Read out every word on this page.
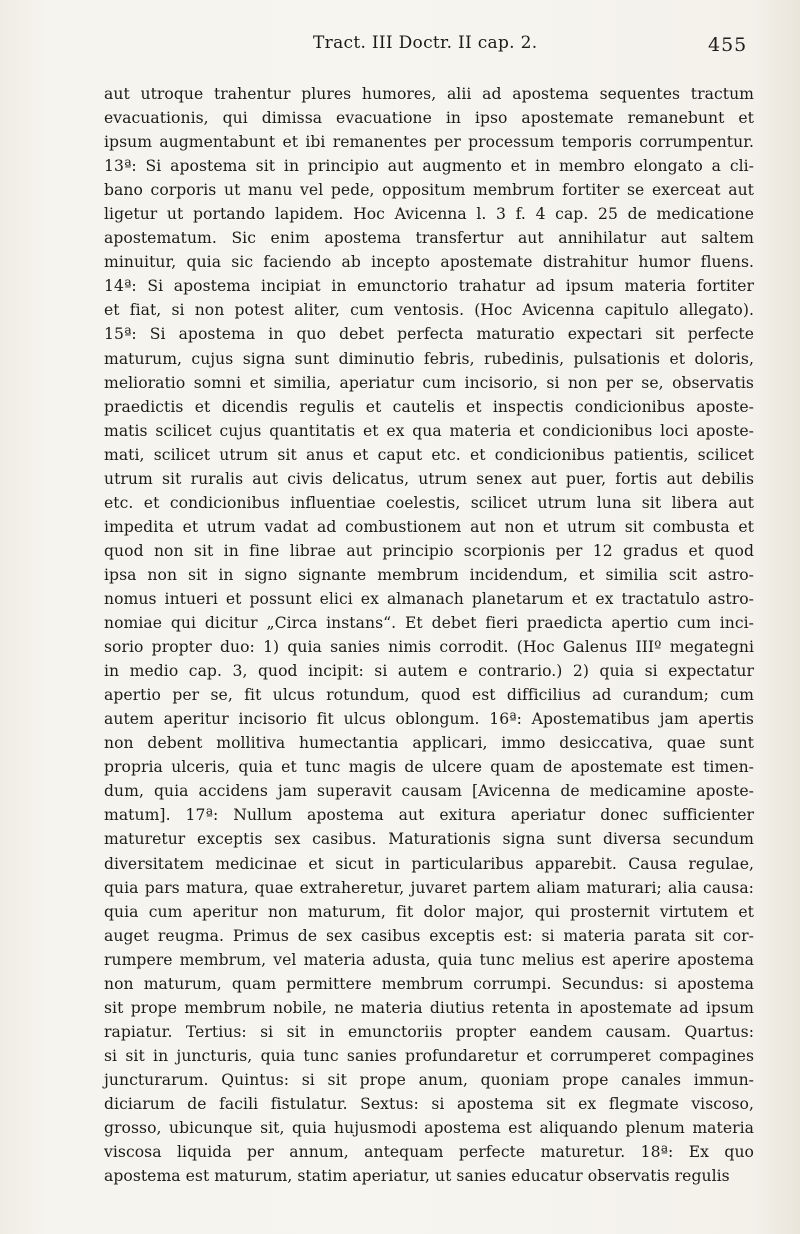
Tract. III Doctr. II cap. 2.	455
aut utroque trahentur plures humores, alii ad apostema sequentes tractum
evacuationis, qui dimissa evacuatione in ipso apostemate remanebunt et
ipsum augmentabunt et ibi remanentes per processum temporis corrumpentur.
13ª: Si apostema sit in principio aut augmento et in membro elongato a cli-
bano corporis ut manu vel pede, oppositum membrum fortiter se exerceat aut
ligetur ut portando lapidem. Hoc Avicenna l. 3 f. 4 cap. 25 de medicatione
apostematum. Sic enim apostema transfertur aut annihilatur aut saltem
minuitur, quia sic faciendo ab incepto apostemate distrahitur humor fluens.
14ª: Si apostema incipiat in emunctorio trahatur ad ipsum materia fortiter
et fiat, si non potest aliter, cum ventosis. (Hoc Avicenna capitulo allegato).
15ª: Si apostema in quo debet perfecta maturatio expectari sit perfecte
maturum, cujus signa sunt diminutio febris, rubedinis, pulsationis et doloris,
melioratio somni et similia, aperiatur cum incisorio, si non per se, observatis
praedictis et dicendis regulis et cautelis et inspectis condicionibus aposte-
matis scilicet cujus quantitatis et ex qua materia et condicionibus loci aposte-
mati, scilicet utrum sit anus et caput etc. et condicionibus patientis, scilicet
utrum sit ruralis aut civis delicatus, utrum senex aut puer, fortis aut debilis
etc. et condicionibus influentiae coelestis, scilicet utrum luna sit libera aut
impedita et utrum vadat ad combustionem aut non et utrum sit combusta et
quod non sit in fine librae aut principio scorpionis per 12 gradus et quod
ipsa non sit in signo signante membrum incidendum, et similia scit astro-
nomus intueri et possunt elici ex almanach planetarum et ex tractatulo astro-
nomiae qui dicitur „Circa instans“. Et debet fieri praedicta apertio cum inci-
sorio propter duo: 1) quia sanies nimis corrodit. (Hoc Galenus IIIº megategni
in medio cap. 3, quod incipit: si autem e contrario.) 2) quia si expectatur
apertio per se, fit ulcus rotundum, quod est difficilius ad curandum; cum
autem aperitur incisorio fit ulcus oblongum. 16ª: Apostematibus jam apertis
non debent mollitiva humectantia applicari, immo desiccativa, quae sunt
propria ulceris, quia et tunc magis de ulcere quam de apostemate est timen-
dum, quia accidens jam superavit causam [Avicenna de medicamine aposte-
matum]. 17ª: Nullum apostema aut exitura aperiatur donec sufficienter
maturetur exceptis sex casibus. Maturationis signa sunt diversa secundum
diversitatem medicinae et sicut in particularibus apparebit. Causa regulae,
quia pars matura, quae extraheretur, juvaret partem aliam maturari; alia causa:
quia cum aperitur non maturum, fit dolor major, qui prosternit virtutem et
auget reugma. Primus de sex casibus exceptis est: si materia parata sit cor-
rumpere membrum, vel materia adusta, quia tunc melius est aperire apostema
non maturum, quam permittere membrum corrumpi. Secundus: si apostema
sit prope membrum nobile, ne materia diutius retenta in apostemate ad ipsum
rapiatur. Tertius: si sit in emunctoriis propter eandem causam. Quartus:
si sit in juncturis, quia tunc sanies profundaretur et corrumperet compagines
juncturarum. Quintus: si sit prope anum, quoniam prope canales immun-
diciarum de facili fistulatur. Sextus: si apostema sit ex flegmate viscoso,
grosso, ubicunque sit, quia hujusmodi apostema est aliquando plenum materia
viscosa liquida per annum, antequam perfecte maturetur. 18ª: Ex quo
apostema est maturum, statim aperiatur, ut sanies educatur observatis regulis
